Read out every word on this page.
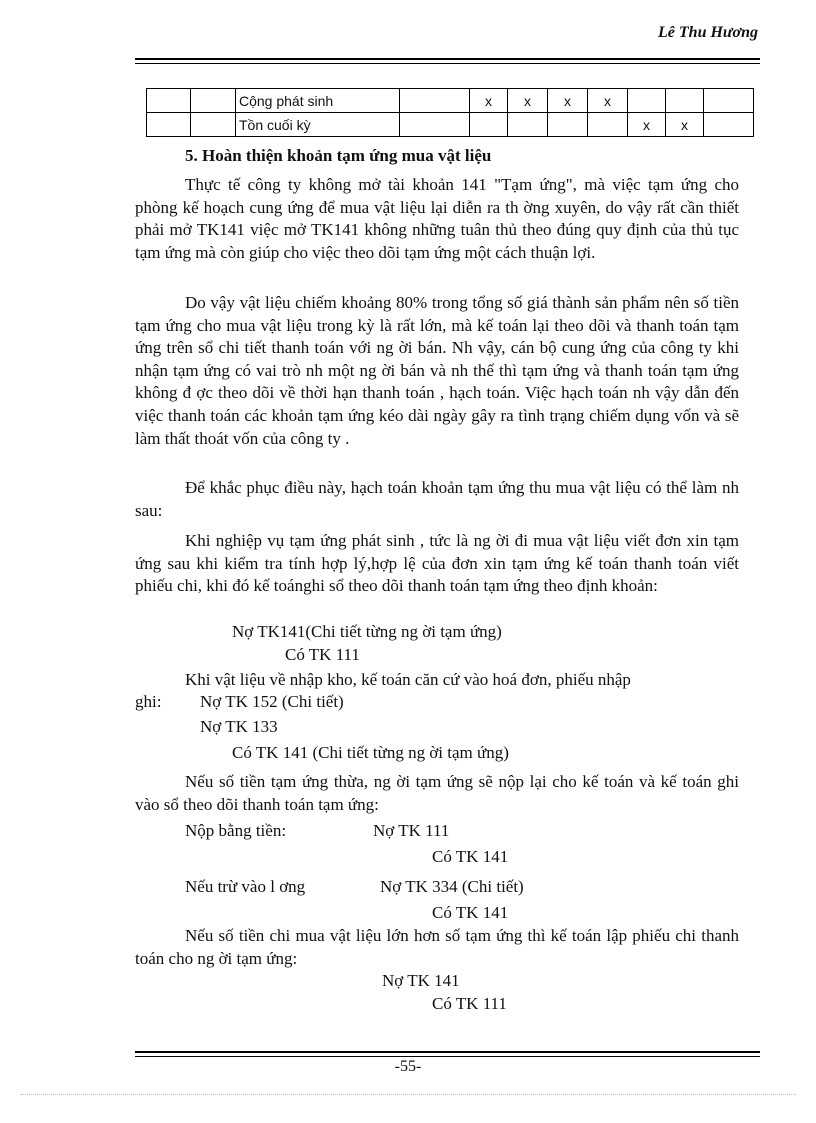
Lê Thu Hương
		Cộng phát sinh		x	x	x	x			
		Tồn cuối kỳ						x	x	
5. Hoàn thiện khoản tạm ứng mua vật liệu
Thực tế công ty không mở tài khoản 141 "Tạm ứng", mà việc tạm ứng cho phòng kế hoạch cung ứng để mua vật liệu lại diễn ra th ờng xuyên, do vậy rất cần thiết phải mở TK141 việc mở TK141 không những tuân thủ theo đúng quy định của thủ tục tạm ứng mà còn giúp cho việc theo dõi tạm ứng một cách thuận lợi.
Do vậy vật liệu chiếm khoảng 80% trong tổng số giá thành sản phẩm nên số tiền tạm ứng cho mua vật liệu trong kỳ là rất lớn, mà kế toán lại theo dõi và thanh toán tạm ứng trên sổ chi tiết thanh toán với ng ời bán. Nh vậy, cán bộ cung ứng của công ty khi nhận tạm ứng có vai trò nh một ng ời bán và nh thế thì tạm ứng và thanh toán tạm ứng không đ ợc theo dõi về thời hạn thanh toán , hạch toán. Việc hạch toán nh vậy dẫn đến việc thanh toán các khoản tạm ứng kéo dài ngày gây ra tình trạng chiếm dụng vốn và sẽ làm thất thoát vốn của công ty .
Để khắc phục điều này, hạch toán khoản tạm ứng thu mua vật liệu có thể làm nh sau:
Khi nghiệp vụ tạm ứng phát sinh , tức là ng ời đi mua vật liệu viết đơn xin tạm ứng sau khi kiểm tra tính hợp lý,hợp lệ của đơn xin tạm ứng kế toán thanh toán viết phiếu chi, khi đó kế toánghi sổ theo dõi thanh toán tạm ứng theo định khoản:
Nợ TK141(Chi tiết từng ng ời tạm ứng)
Có TK 111
Khi vật liệu về nhập kho, kế toán căn cứ vào hoá đơn, phiếu nhập
ghi: Nợ TK 152 (Chi tiết)
Nợ TK 133
Có TK 141 (Chi tiết từng ng ời tạm ứng)
Nếu số tiền tạm ứng thừa, ng ời tạm ứng sẽ nộp lại cho kế toán và kế toán ghi vào sổ theo dõi thanh toán tạm ứng:
Nộp bằng tiền:	Nợ TK 111
Có TK 141
Nếu trừ vào l ơng	Nợ TK 334 (Chi tiết)
Có TK 141
Nếu số tiền chi mua vật liệu lớn hơn số tạm ứng thì kế toán lập phiếu chi thanh toán cho ng ời tạm ứng:
Nợ TK 141
Có TK 111
-55-
